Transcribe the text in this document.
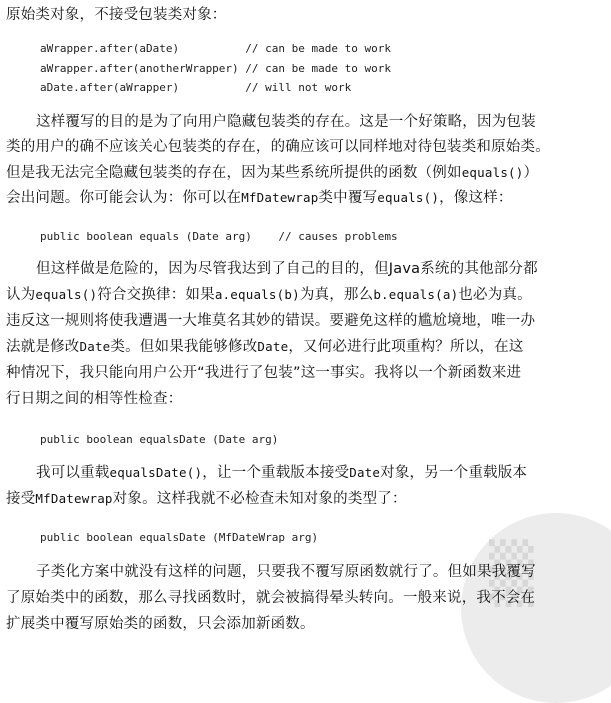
▒
原始类对象，不接受包装类对象：
aWrapper.after(aDate)          // can be made to work
aWrapper.after(anotherWrapper) // can be made to work
aDate.after(aWrapper)          // will not work
这样覆写的目的是为了向用户隐藏包装类的存在。这是一个好策略，因为包装
类的用户的确不应该关心包装类的存在，的确应该可以同样地对待包装类和原始类。
但是我无法完全隐藏包装类的存在，因为某些系统所提供的函数（例如equals()）
会出问题。你可能会认为：你可以在MfDatewrap类中覆写equals()，像这样：
public boolean equals (Date arg)    // causes problems
但这样做是危险的，因为尽管我达到了自己的目的，但Java系统的其他部分都
认为equals()符合交换律：如果a.equals(b)为真，那么b.equals(a)也必为真。
违反这一规则将使我遭遇一大堆莫名其妙的错误。要避免这样的尴尬境地，唯一办
法就是修改Date类。但如果我能够修改Date，又何必进行此项重构？所以，在这
种情况下，我只能向用户公开“我进行了包装”这一事实。我将以一个新函数来进
行日期之间的相等性检查：
public boolean equalsDate (Date arg)
我可以重载equalsDate()，让一个重载版本接受Date对象，另一个重载版本
接受MfDatewrap对象。这样我就不必检查未知对象的类型了：
public boolean equalsDate (MfDateWrap arg)
子类化方案中就没有这样的问题，只要我不覆写原函数就行了。但如果我覆写
了原始类中的函数，那么寻找函数时，就会被搞得晕头转向。一般来说，我不会在
扩展类中覆写原始类的函数，只会添加新函数。
